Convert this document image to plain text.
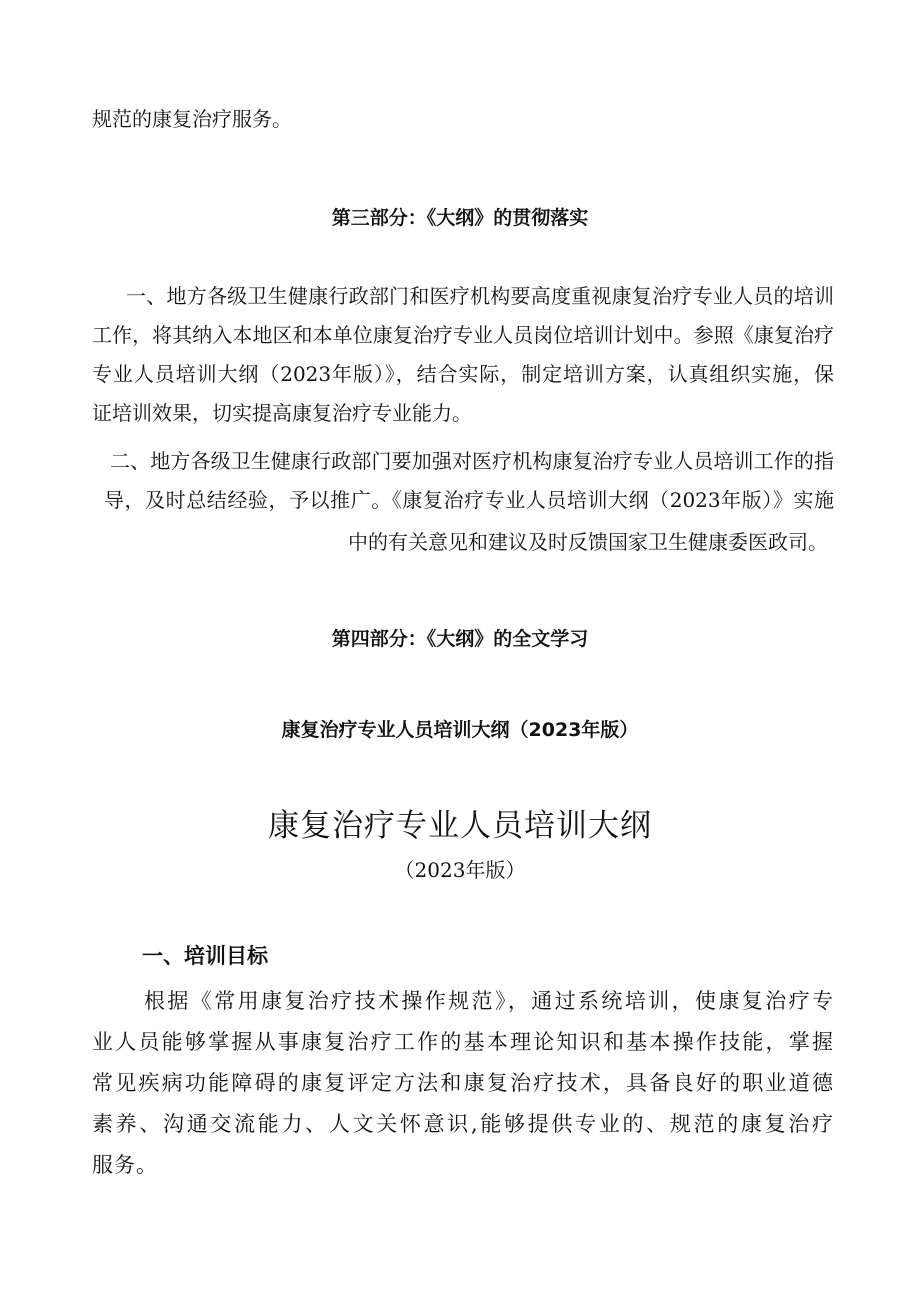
规范的康复治疗服务。
第三部分：《大纲》的贯彻落实
一、地方各级卫生健康行政部门和医疗机构要高度重视康复治疗专业人员的培训
工作，将其纳入本地区和本单位康复治疗专业人员岗位培训计划中。参照《康复治疗
专业人员培训大纲（2023年版）》，结合实际，制定培训方案，认真组织实施，保
证培训效果，切实提高康复治疗专业能力。
二、地方各级卫生健康行政部门要加强对医疗机构康复治疗专业人员培训工作的指
导，及时总结经验，予以推广。《康复治疗专业人员培训大纲（2023年版）》实施
中的有关意见和建议及时反馈国家卫生健康委医政司。
第四部分：《大纲》的全文学习
康复治疗专业人员培训大纲（2023年版）
康复治疗专业人员培训大纲
（2023年版）
一、培训目标
根据《常用康复治疗技术操作规范》，通过系统培训，使康复治疗专
业人员能够掌握从事康复治疗工作的基本理论知识和基本操作技能，掌握
常见疾病功能障碍的康复评定方法和康复治疗技术，具备良好的职业道德
素养、沟通交流能力、人文关怀意识,能够提供专业的、规范的康复治疗
服务。
